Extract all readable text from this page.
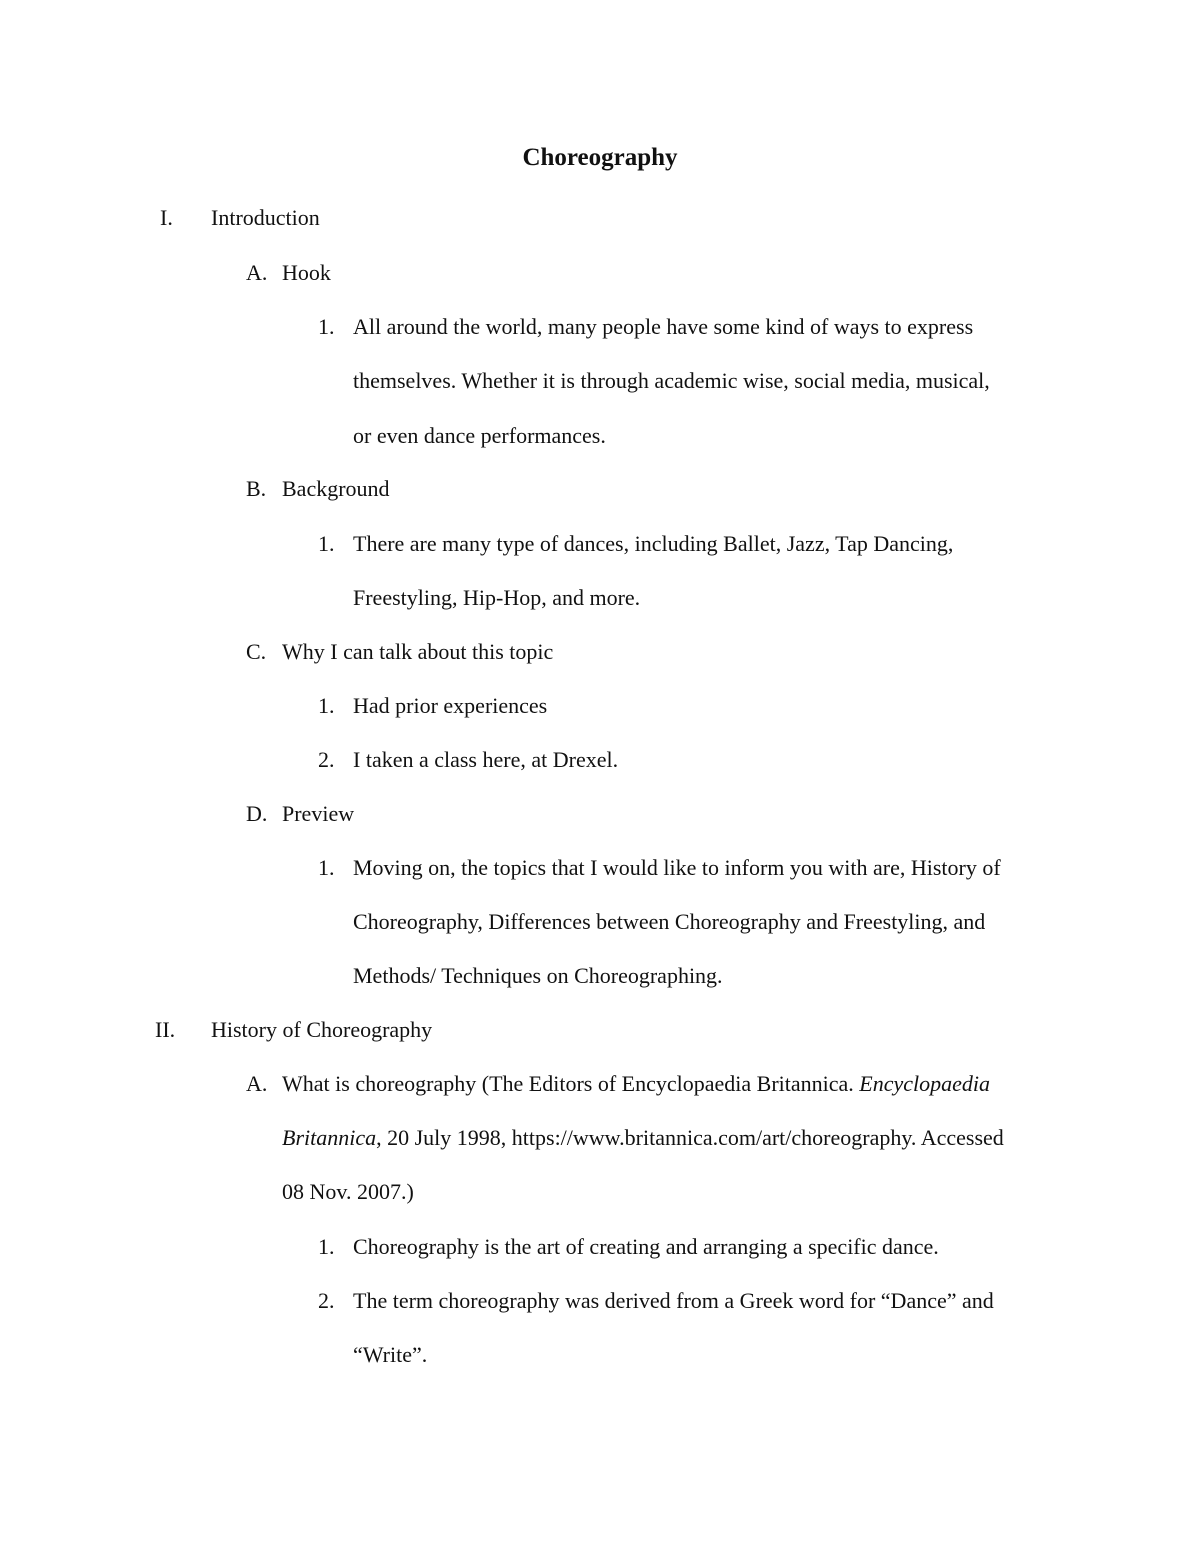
Choreography
I. Introduction
A. Hook
1. All around the world, many people have some kind of ways to express
themselves. Whether it is through academic wise, social media, musical,
or even dance performances.
B. Background
1. There are many type of dances, including Ballet, Jazz, Tap Dancing,
Freestyling, Hip-Hop, and more.
C. Why I can talk about this topic
1. Had prior experiences
2. I taken a class here, at Drexel.
D. Preview
1. Moving on, the topics that I would like to inform you with are, History of
Choreography, Differences between Choreography and Freestyling, and
Methods/ Techniques on Choreographing.
II. History of Choreography
A. What is choreography (The Editors of Encyclopaedia Britannica. Encyclopaedia
Britannica, 20 July 1998, https://www.britannica.com/art/choreography. Accessed
08 Nov. 2007.)
1. Choreography is the art of creating and arranging a specific dance.
2. The term choreography was derived from a Greek word for “Dance” and
“Write”.
